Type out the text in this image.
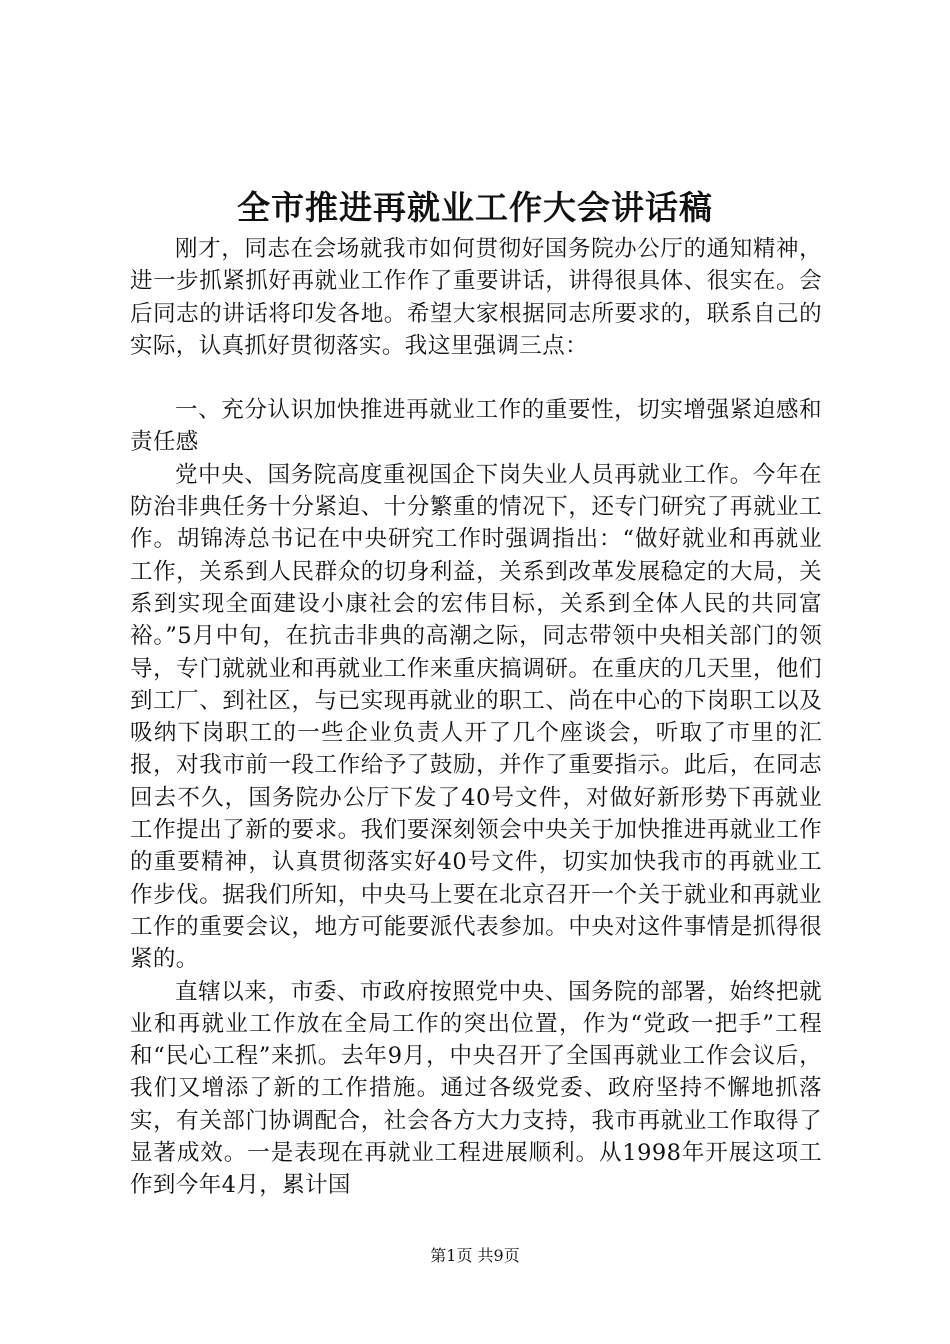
全市推进再就业工作大会讲话稿

刚才，同志在会场就我市如何贯彻好国务院办公厅的通知精神，进一步抓紧抓好再就业工作作了重要讲话，讲得很具体、很实在。会后同志的讲话将印发各地。希望大家根据同志所要求的，联系自己的实际，认真抓好贯彻落实。我这里强调三点：

一、充分认识加快推进再就业工作的重要性，切实增强紧迫感和责任感

党中央、国务院高度重视国企下岗失业人员再就业工作。今年在防治非典任务十分紧迫、十分繁重的情况下，还专门研究了再就业工作。胡锦涛总书记在中央研究工作时强调指出：“做好就业和再就业工作，关系到人民群众的切身利益，关系到改革发展稳定的大局，关系到实现全面建设小康社会的宏伟目标，关系到全体人民的共同富裕。”5月中旬，在抗击非典的高潮之际，同志带领中央相关部门的领导，专门就就业和再就业工作来重庆搞调研。在重庆的几天里，他们到工厂、到社区，与已实现再就业的职工、尚在中心的下岗职工以及吸纳下岗职工的一些企业负责人开了几个座谈会，听取了市里的汇报，对我市前一段工作给予了鼓励，并作了重要指示。此后，在同志回去不久，国务院办公厅下发了40号文件，对做好新形势下再就业工作提出了新的要求。我们要深刻领会中央关于加快推进再就业工作的重要精神，认真贯彻落实好40号文件，切实加快我市的再就业工作步伐。据我们所知，中央马上要在北京召开一个关于就业和再就业工作的重要会议，地方可能要派代表参加。中央对这件事情是抓得很紧的。

直辖以来，市委、市政府按照党中央、国务院的部署，始终把就业和再就业工作放在全局工作的突出位置，作为“党政一把手”工程和“民心工程”来抓。去年9月，中央召开了全国再就业工作会议后，我们又增添了新的工作措施。通过各级党委、政府坚持不懈地抓落实，有关部门协调配合，社会各方大力支持，我市再就业工作取得了显著成效。一是表现在再就业工程进展顺利。从1998年开展这项工作到今年4月，累计国

第1页 共9页
